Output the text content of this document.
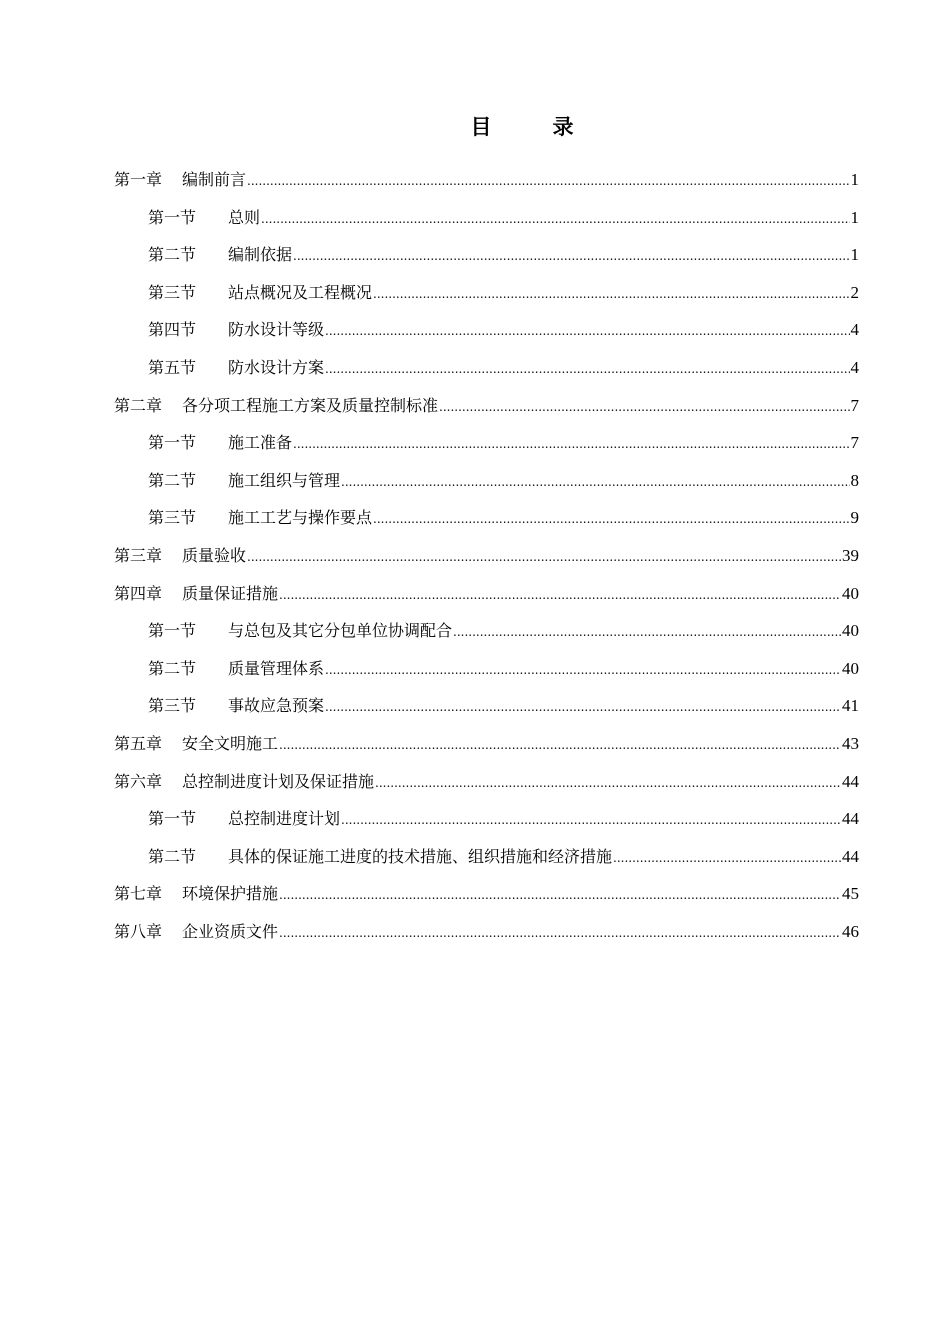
目　录
第一章 编制前言 .....	1
第一节 总则 .....	1
第二节 编制依据 .....	1
第三节 站点概况及工程概况 .....	2
第四节 防水设计等级 .....	4
第五节 防水设计方案 .....	4
第二章 各分项工程施工方案及质量控制标准 .....	7
第一节 施工准备 .....	7
第二节 施工组织与管理 .....	8
第三节 施工工艺与操作要点 .....	9
第三章 质量验收 .....	39
第四章 质量保证措施 .....	40
第一节 与总包及其它分包单位协调配合 .....	40
第二节 质量管理体系 .....	40
第三节 事故应急预案 .....	41
第五章 安全文明施工 .....	43
第六章 总控制进度计划及保证措施 .....	44
第一节 总控制进度计划 .....	44
第二节 具体的保证施工进度的技术措施、组织措施和经济措施 .....	44
第七章 环境保护措施 .....	45
第八章 企业资质文件 .....	46
